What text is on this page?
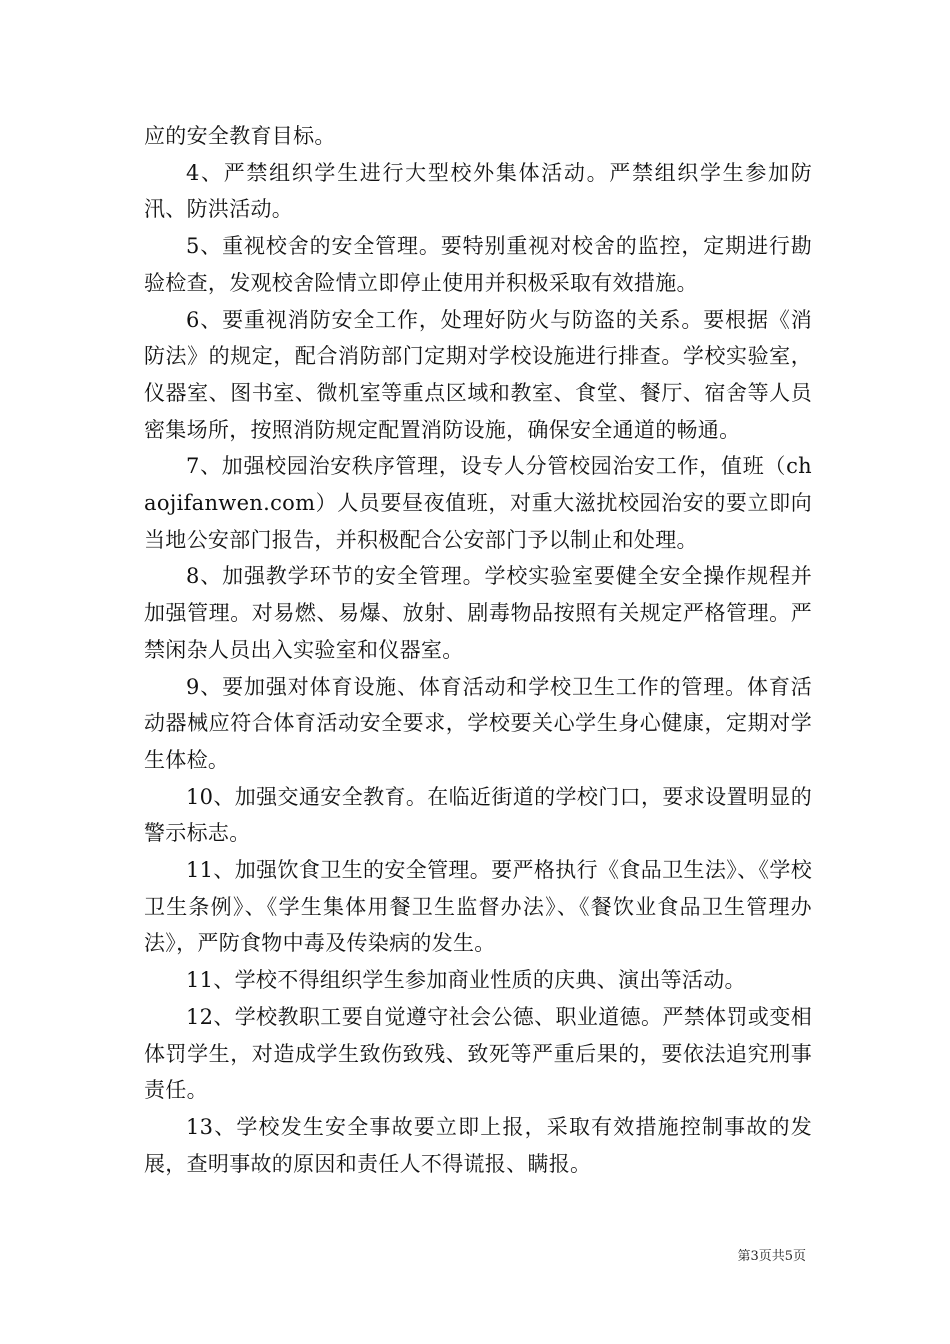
应的安全教育目标。

4、严禁组织学生进行大型校外集体活动。严禁组织学生参加防汛、防洪活动。

5、重视校舍的安全管理。要特别重视对校舍的监控，定期进行勘验检查，发观校舍险情立即停止使用并积极采取有效措施。

6、要重视消防安全工作，处理好防火与防盗的关系。要根据《消防法》的规定，配合消防部门定期对学校设施进行排查。学校实验室，仪器室、图书室、微机室等重点区域和教室、食堂、餐厅、宿舍等人员密集场所，按照消防规定配置消防设施，确保安全通道的畅通。

7、加强校园治安秩序管理，设专人分管校园治安工作，值班（chaojifanwen.com）人员要昼夜值班，对重大滋扰校园治安的要立即向当地公安部门报告，并积极配合公安部门予以制止和处理。

8、加强教学环节的安全管理。学校实验室要健全安全操作规程并加强管理。对易燃、易爆、放射、剧毒物品按照有关规定严格管理。严禁闲杂人员出入实验室和仪器室。

9、要加强对体育设施、体育活动和学校卫生工作的管理。体育活动器械应符合体育活动安全要求，学校要关心学生身心健康，定期对学生体检。

10、加强交通安全教育。在临近街道的学校门口，要求设置明显的警示标志。

11、加强饮食卫生的安全管理。要严格执行《食品卫生法》、《学校卫生条例》、《学生集体用餐卫生监督办法》、《餐饮业食品卫生管理办法》，严防食物中毒及传染病的发生。

11、学校不得组织学生参加商业性质的庆典、演出等活动。

12、学校教职工要自觉遵守社会公德、职业道德。严禁体罚或变相体罚学生，对造成学生致伤致残、致死等严重后果的，要依法追究刑事责任。

13、学校发生安全事故要立即上报，采取有效措施控制事故的发展，查明事故的原因和责任人不得谎报、瞒报。

第3页共5页
